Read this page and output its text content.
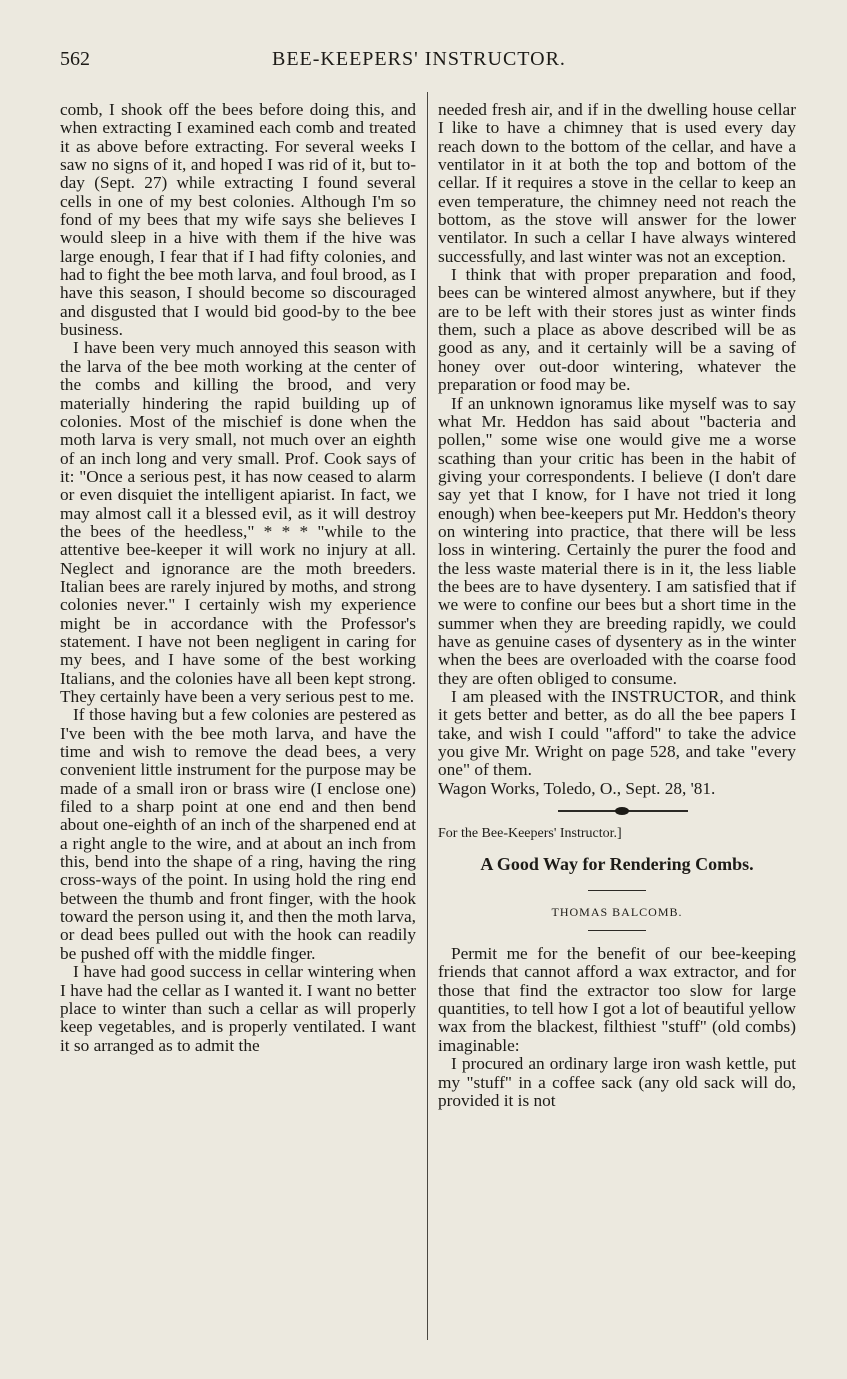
562	BEE-KEEPERS' INSTRUCTOR.

comb, I shook off the bees before doing this, and when extracting I examined each comb and treated it as above before extracting. For several weeks I saw no signs of it, and hoped I was rid of it, but to-day (Sept. 27) while extracting I found several cells in one of my best colonies. Although I'm so fond of my bees that my wife says she believes I would sleep in a hive with them if the hive was large enough, I fear that if I had fifty colonies, and had to fight the bee moth larva, and foul brood, as I have this season, I should become so discouraged and disgusted that I would bid good-by to the bee business.

I have been very much annoyed this season with the larva of the bee moth working at the center of the combs and killing the brood, and very materially hindering the rapid building up of colonies. Most of the mischief is done when the moth larva is very small, not much over an eighth of an inch long and very small. Prof. Cook says of it: "Once a serious pest, it has now ceased to alarm or even disquiet the intelligent apiarist. In fact, we may almost call it a blessed evil, as it will destroy the bees of the heedless," * * * "while to the attentive bee-keeper it will work no injury at all. Neglect and ignorance are the moth breeders. Italian bees are rarely injured by moths, and strong colonies never." I certainly wish my experience might be in accordance with the Professor's statement. I have not been negligent in caring for my bees, and I have some of the best working Italians, and the colonies have all been kept strong. They certainly have been a very serious pest to me.

If those having but a few colonies are pestered as I've been with the bee moth larva, and have the time and wish to remove the dead bees, a very convenient little instrument for the purpose may be made of a small iron or brass wire (I enclose one) filed to a sharp point at one end and then bend about one-eighth of an inch of the sharpened end at a right angle to the wire, and at about an inch from this, bend into the shape of a ring, having the ring cross-ways of the point. In using hold the ring end between the thumb and front finger, with the hook toward the person using it, and then the moth larva, or dead bees pulled out with the hook can readily be pushed off with the middle finger.

I have had good success in cellar wintering when I have had the cellar as I wanted it. I want no better place to winter than such a cellar as will properly keep vegetables, and is properly ventilated. I want it so arranged as to admit the

needed fresh air, and if in the dwelling house cellar I like to have a chimney that is used every day reach down to the bottom of the cellar, and have a ventilator in it at both the top and bottom of the cellar. If it requires a stove in the cellar to keep an even temperature, the chimney need not reach the bottom, as the stove will answer for the lower ventilator. In such a cellar I have always wintered successfully, and last winter was not an exception.

I think that with proper preparation and food, bees can be wintered almost anywhere, but if they are to be left with their stores just as winter finds them, such a place as above described will be as good as any, and it certainly will be a saving of honey over out-door wintering, whatever the preparation or food may be.

If an unknown ignoramus like myself was to say what Mr. Heddon has said about "bacteria and pollen," some wise one would give me a worse scathing than your critic has been in the habit of giving your correspondents. I believe (I don't dare say yet that I know, for I have not tried it long enough) when bee-keepers put Mr. Heddon's theory on wintering into practice, that there will be less loss in wintering. Certainly the purer the food and the less waste material there is in it, the less liable the bees are to have dysentery. I am satisfied that if we were to confine our bees but a short time in the summer when they are breeding rapidly, we could have as genuine cases of dysentery as in the winter when the bees are overloaded with the coarse food they are often obliged to consume.

I am pleased with the INSTRUCTOR, and think it gets better and better, as do all the bee papers I take, and wish I could "afford" to take the advice you give Mr. Wright on page 528, and take "every one" of them.

Wagon Works, Toledo, O., Sept. 28, '81.

For the Bee-Keepers' Instructor.]

A Good Way for Rendering Combs.

THOMAS BALCOMB.

Permit me for the benefit of our bee-keeping friends that cannot afford a wax extractor, and for those that find the extractor too slow for large quantities, to tell how I got a lot of beautiful yellow wax from the blackest, filthiest "stuff" (old combs) imaginable:

I procured an ordinary large iron wash kettle, put my "stuff" in a coffee sack (any old sack will do, provided it is not
